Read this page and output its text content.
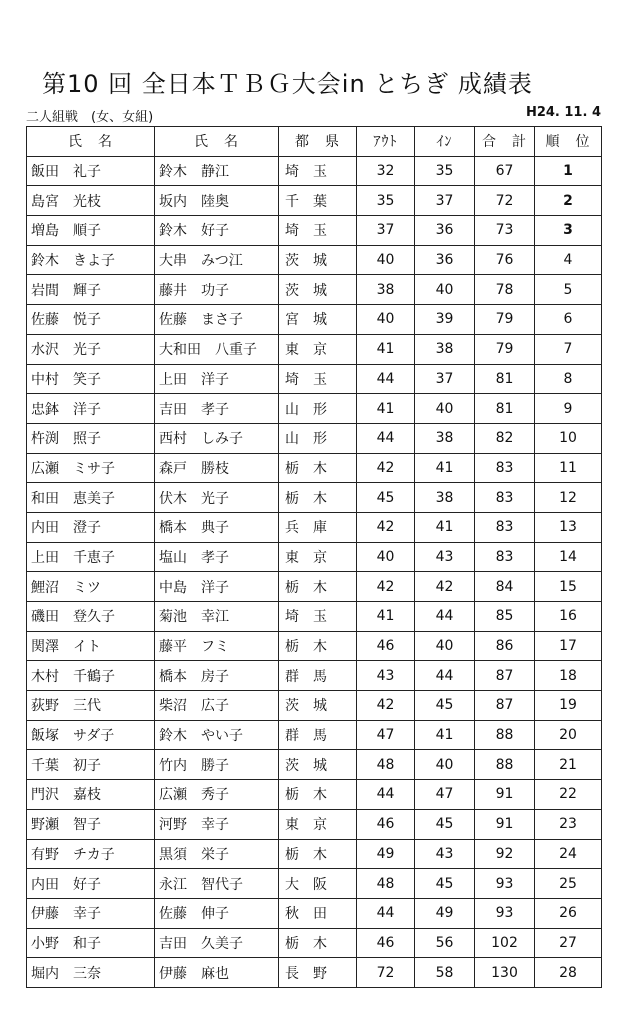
第10 回 全日本ＴＢＧ大会in とちぎ 成績表
二人組戦　(女、女組)	H24. 11. 4
氏　名	氏　名	都　県	ｱｳﾄ	ｲﾝ	合　計	順　位
飯田　礼子	鈴木　静江	埼　玉	32	35	67	1
島宮　光枝	坂内　陸奥	千　葉	35	37	72	2
増島　順子	鈴木　好子	埼　玉	37	36	73	3
鈴木　きよ子	大串　みつ江	茨　城	40	36	76	4
岩間　輝子	藤井　功子	茨　城	38	40	78	5
佐藤　悦子	佐藤　まさ子	宮　城	40	39	79	6
水沢　光子	大和田　八重子	東　京	41	38	79	7
中村　笑子	上田　洋子	埼　玉	44	37	81	8
忠鉢　洋子	吉田　孝子	山　形	41	40	81	9
杵渕　照子	西村　しみ子	山　形	44	38	82	10
広瀬　ミサ子	森戸　勝枝	栃　木	42	41	83	11
和田　恵美子	伏木　光子	栃　木	45	38	83	12
内田　澄子	橋本　典子	兵　庫	42	41	83	13
上田　千恵子	塩山　孝子	東　京	40	43	83	14
鯉沼　ミツ	中島　洋子	栃　木	42	42	84	15
磯田　登久子	菊池　幸江	埼　玉	41	44	85	16
関澤　イト	藤平　フミ	栃　木	46	40	86	17
木村　千鶴子	橋本　房子	群　馬	43	44	87	18
荻野　三代	柴沼　広子	茨　城	42	45	87	19
飯塚　サダ子	鈴木　やい子	群　馬	47	41	88	20
千葉　初子	竹内　勝子	茨　城	48	40	88	21
門沢　嘉枝	広瀬　秀子	栃　木	44	47	91	22
野瀬　智子	河野　幸子	東　京	46	45	91	23
有野　チカ子	黒須　栄子	栃　木	49	43	92	24
内田　好子	永江　智代子	大　阪	48	45	93	25
伊藤　幸子	佐藤　伸子	秋　田	44	49	93	26
小野　和子	吉田　久美子	栃　木	46	56	102	27
堀内　三奈	伊藤　麻也	長　野	72	58	130	28
